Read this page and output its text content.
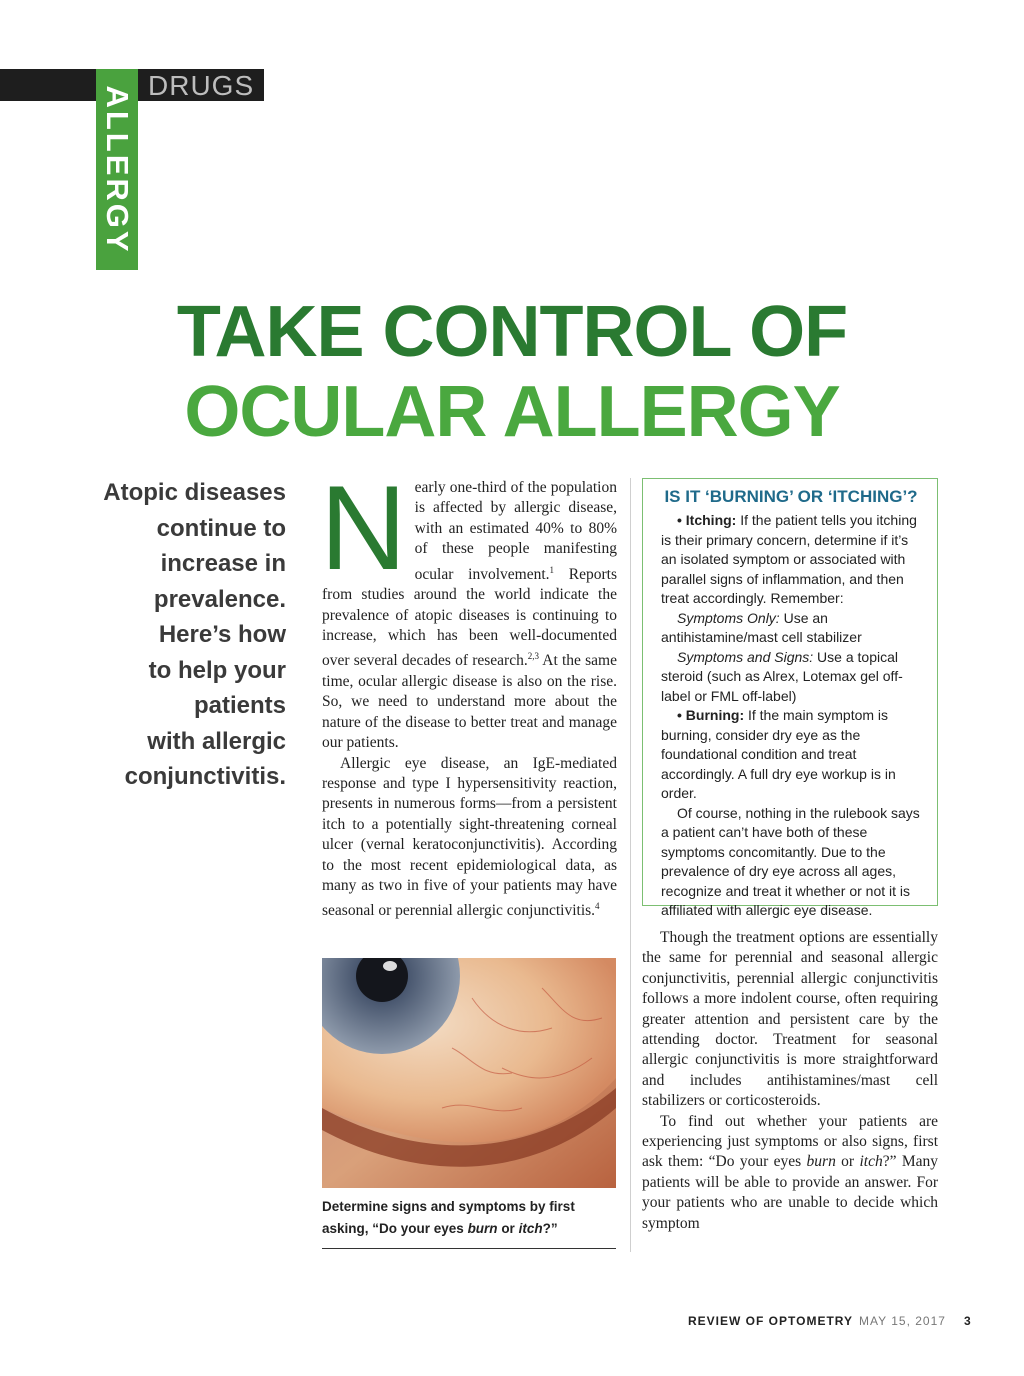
DRUGS
ALLERGY
TAKE CONTROL OF
OCULAR ALLERGY
Atopic diseases
continue to
increase in
prevalence.
Here’s how
to help your
patients
with allergic
conjunctivitis.
N early one-third of the population is affected by allergic disease, with an estimated 40% to 80% of these people manifesting ocular involvement.$^1$ Reports from studies around the world indicate the prevalence of atopic diseases is continuing to increase, which has been well-documented over several decades of research.$^{2,3}$ At the same time, ocular allergic disease is also on the rise. So, we need to understand more about the nature of the disease to better treat and manage our patients.

Allergic eye disease, an IgE-mediated response and type I hypersensitivity reaction, presents in numerous forms—from a persistent itch to a potentially sight-threatening corneal ulcer (vernal keratoconjunctivitis). According to the most recent epidemiological data, as many as two in five of your patients may have seasonal or perennial allergic conjunctivitis.$^4$

Determine signs and symptoms by first asking, “Do your eyes burn or itch?”
IS IT ‘BURNING’ OR ‘ITCHING’?

• Itching: If the patient tells you itching is their primary concern, determine if it’s an isolated symptom or associated with parallel signs of inflammation, and then treat accordingly. Remember:

Symptoms Only: Use an antihistamine/mast cell stabilizer

Symptoms and Signs: Use a topical steroid (such as Alrex, Lotemax gel off-label or FML off-label)

• Burning: If the main symptom is burning, consider dry eye as the foundational condition and treat accordingly. A full dry eye workup is in order.

Of course, nothing in the rulebook says a patient can’t have both of these symptoms concomitantly. Due to the prevalence of dry eye across all ages, recognize and treat it whether or not it is affiliated with allergic eye disease.

Though the treatment options are essentially the same for perennial and seasonal allergic conjunctivitis, perennial allergic conjunctivitis follows a more indolent course, often requiring greater attention and persistent care by the attending doctor. Treatment for seasonal allergic conjunctivitis is more straightforward and includes antihistamines/mast cell stabilizers or corticosteroids.

To find out whether your patients are experiencing just symptoms or also signs, first ask them: “Do your eyes burn or itch?” Many patients will be able to provide an answer. For your patients who are unable to decide which symptom

REVIEW OF OPTOMETRY MAY 15, 2017 3
